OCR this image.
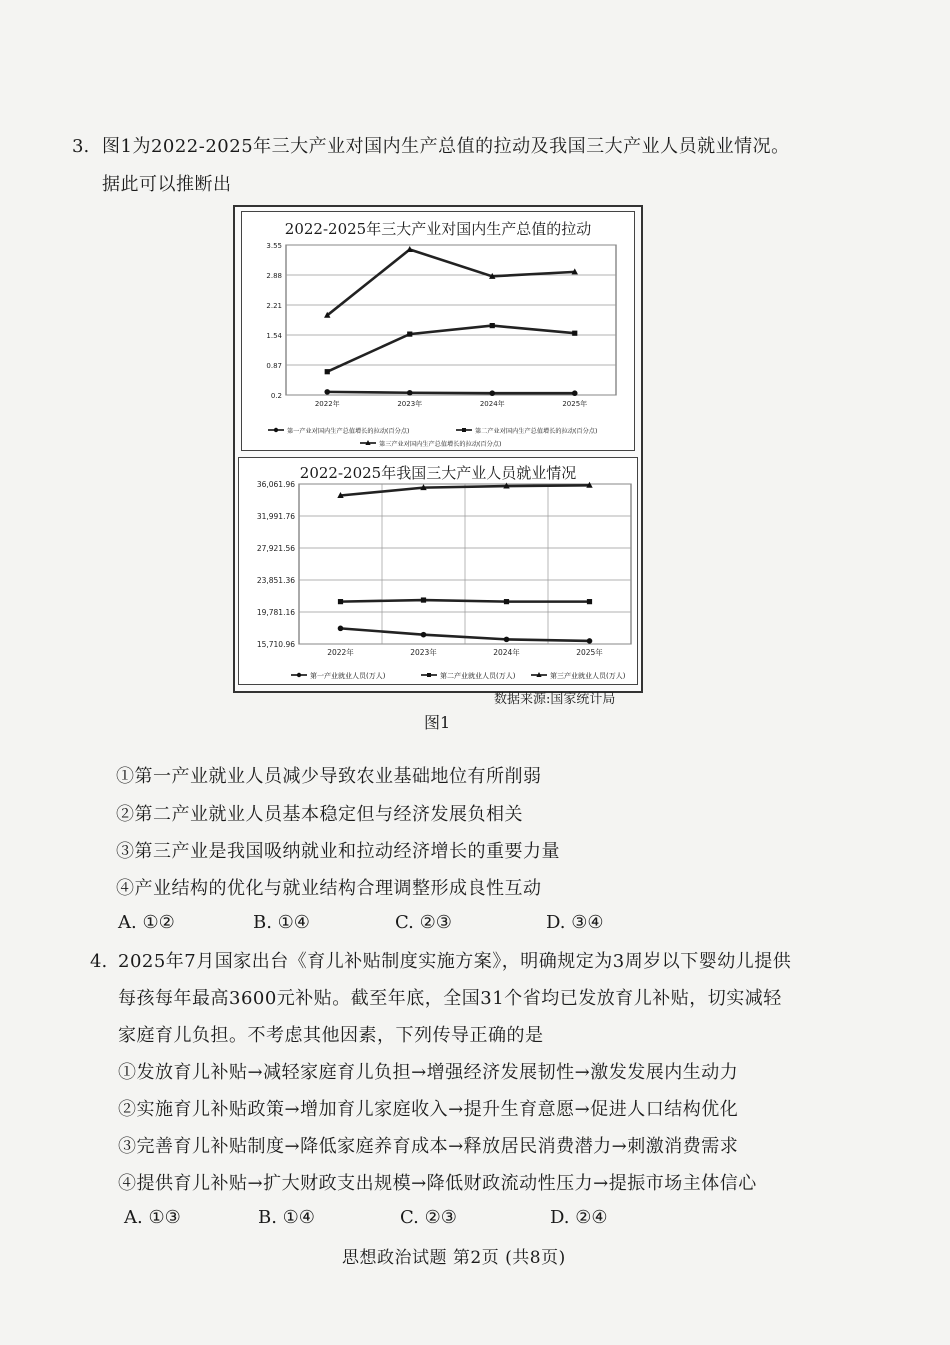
3. 图1为2022-2025年三大产业对国内生产总值的拉动及我国三大产业人员就业情况。
据此可以推断出
2022-2025年三大产业对国内生产总值的拉动
3.55
2.88
2.21
1.54
0.87
0.2
2022年	2023年	2024年	2025年
第一产业对国内生产总值增长的拉动(百分点)	第二产业对国内生产总值增长的拉动(百分点)
第三产业对国内生产总值增长的拉动(百分点)
2022-2025年我国三大产业人员就业情况
36,061.96
31,991.76
27,921.56
23,851.36
19,781.16
15,710.96
2022年	2023年	2024年	2025年
第一产业就业人员(万人)	第二产业就业人员(万人)	第三产业就业人员(万人)
数据来源:国家统计局
图1
①第一产业就业人员减少导致农业基础地位有所削弱
②第二产业就业人员基本稳定但与经济发展负相关
③第三产业是我国吸纳就业和拉动经济增长的重要力量
④产业结构的优化与就业结构合理调整形成良性互动
A. ①②	B. ①④	C. ②③	D. ③④
4. 2025年7月国家出台《育儿补贴制度实施方案》，明确规定为3周岁以下婴幼儿提供
每孩每年最高3600元补贴。截至年底，全国31个省均已发放育儿补贴，切实减轻
家庭育儿负担。不考虑其他因素，下列传导正确的是
①发放育儿补贴→减轻家庭育儿负担→增强经济发展韧性→激发发展内生动力
②实施育儿补贴政策→增加育儿家庭收入→提升生育意愿→促进人口结构优化
③完善育儿补贴制度→降低家庭养育成本→释放居民消费潜力→刺激消费需求
④提供育儿补贴→扩大财政支出规模→降低财政流动性压力→提振市场主体信心
A. ①③	B. ①④	C. ②③	D. ②④
思想政治试题 第2页 (共8页)
